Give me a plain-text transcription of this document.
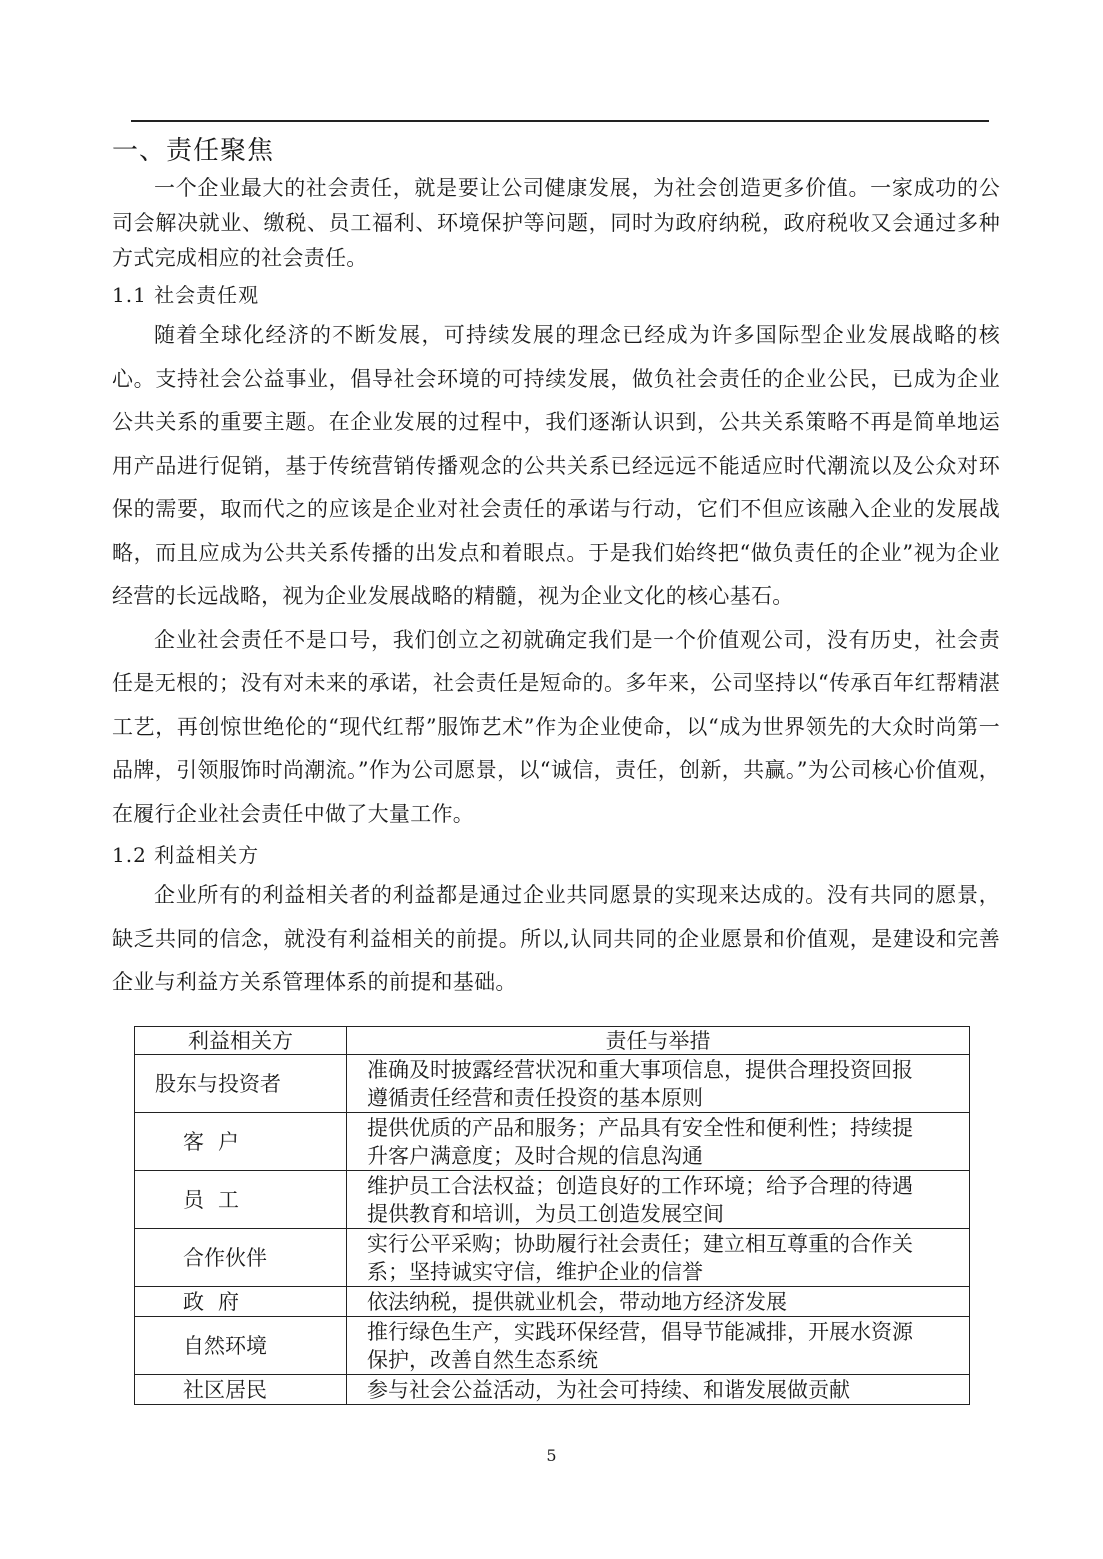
一、责任聚焦

一个企业最大的社会责任，就是要让公司健康发展，为社会创造更多价值。一家成功的公司会解决就业、缴税、员工福利、环境保护等问题，同时为政府纳税，政府税收又会通过多种方式完成相应的社会责任。

1.1 社会责任观

随着全球化经济的不断发展，可持续发展的理念已经成为许多国际型企业发展战略的核心。支持社会公益事业，倡导社会环境的可持续发展，做负社会责任的企业公民，已成为企业公共关系的重要主题。在企业发展的过程中，我们逐渐认识到，公共关系策略不再是简单地运用产品进行促销，基于传统营销传播观念的公共关系已经远远不能适应时代潮流以及公众对环保的需要，取而代之的应该是企业对社会责任的承诺与行动，它们不但应该融入企业的发展战略，而且应成为公共关系传播的出发点和着眼点。于是我们始终把“做负责任的企业”视为企业经营的长远战略，视为企业发展战略的精髓，视为企业文化的核心基石。

企业社会责任不是口号，我们创立之初就确定我们是一个价值观公司，没有历史，社会责任是无根的；没有对未来的承诺，社会责任是短命的。多年来，公司坚持以“传承百年红帮精湛工艺，再创惊世绝伦的“现代红帮”服饰艺术”作为企业使命，以“成为世界领先的大众时尚第一品牌，引领服饰时尚潮流。”作为公司愿景，以“诚信，责任，创新，共赢。”为公司核心价值观，在履行企业社会责任中做了大量工作。

1.2 利益相关方

企业所有的利益相关者的利益都是通过企业共同愿景的实现来达成的。没有共同的愿景，缺乏共同的信念，就没有利益相关的前提。所以,认同共同的企业愿景和价值观，是建设和完善企业与利益方关系管理体系的前提和基础。

利益相关方	责任与举措
股东与投资者	准确及时披露经营状况和重大事项信息，提供合理投资回报
遵循责任经营和责任投资的基本原则

客户	提供优质的产品和服务；产品具有安全性和便利性；持续提
升客户满意度；及时合规的信息沟通

员工	维护员工合法权益；创造良好的工作环境；给予合理的待遇
提供教育和培训，为员工创造发展空间

合作伙伴	实行公平采购；协助履行社会责任；建立相互尊重的合作关
系；坚持诚实守信，维护企业的信誉

政府	依法纳税，提供就业机会，带动地方经济发展

自然环境	推行绿色生产，实践环保经营，倡导节能减排，开展水资源
保护，改善自然生态系统

社区居民	参与社会公益活动，为社会可持续、和谐发展做贡献
5
